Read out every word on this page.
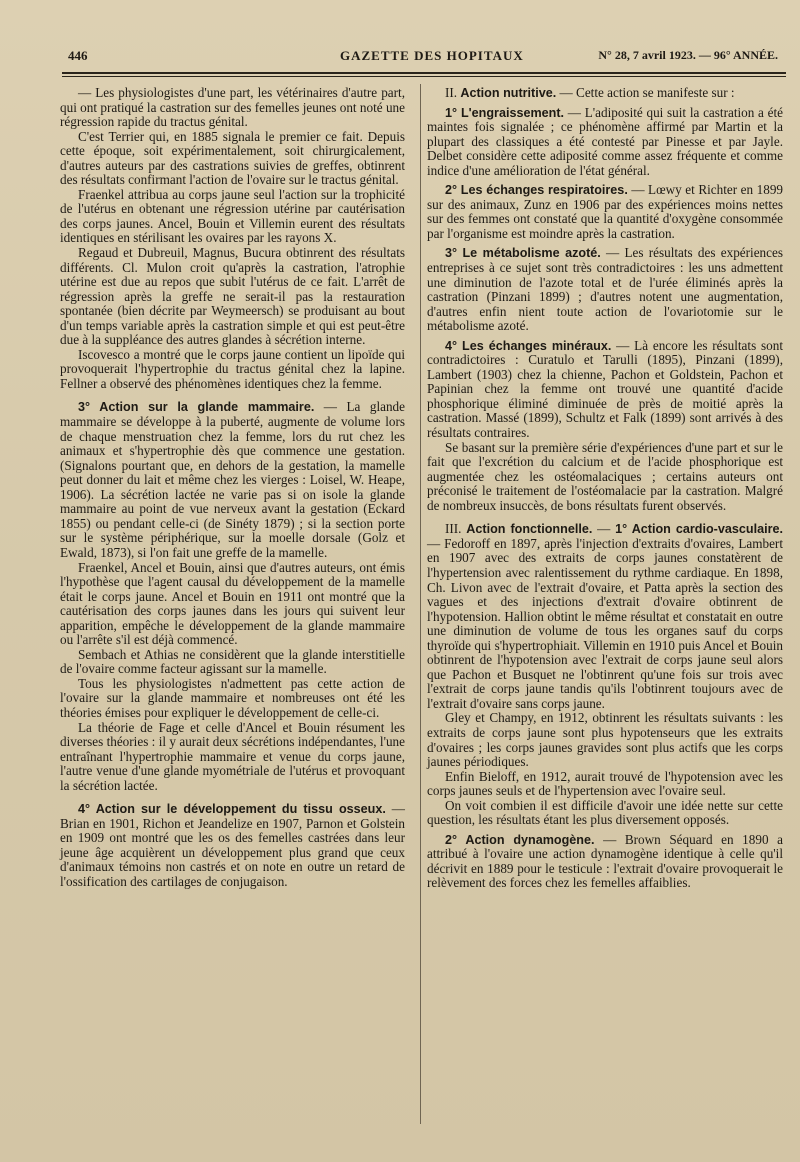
446	GAZETTE DES HOPITAUX	N° 28, 7 avril 1923. — 96° ANNÉE.

— Les physiologistes d'une part, les vétérinaires d'autre part, qui ont pratiqué la castration sur des femelles jeunes ont noté une régression rapide du tractus génital.

C'est Terrier qui, en 1885 signala le premier ce fait. Depuis cette époque, soit expérimentalement, soit chirurgicalement, d'autres auteurs par des castrations suivies de greffes, obtinrent des résultats confirmant l'action de l'ovaire sur le tractus génital.

Fraenkel attribua au corps jaune seul l'action sur la trophicité de l'utérus en obtenant une régression utérine par cautérisation des corps jaunes. Ancel, Bouin et Villemin eurent des résultats identiques en stérilisant les ovaires par les rayons X.

Regaud et Dubreuil, Magnus, Bucura obtinrent des résultats différents. Cl. Mulon croit qu'après la castration, l'atrophie utérine est due au repos que subit l'utérus de ce fait. L'arrêt de régression après la greffe ne serait-il pas la restauration spontanée (bien décrite par Weymeersch) se produisant au bout d'un temps variable après la castration simple et qui est peut-être due à la suppléance des autres glandes à sécrétion interne.

Iscovesco a montré que le corps jaune contient un lipoïde qui provoquerait l'hypertrophie du tractus génital chez la lapine. Fellner a observé des phénomènes identiques chez la femme.

3° Action sur la glande mammaire. — La glande mammaire se développe à la puberté, augmente de volume lors de chaque menstruation chez la femme, lors du rut chez les animaux et s'hypertrophie dès que commence une gestation. (Signalons pourtant que, en dehors de la gestation, la mamelle peut donner du lait et même chez les vierges : Loisel, W. Heape, 1906). La sécrétion lactée ne varie pas si on isole la glande mammaire au point de vue nerveux avant la gestation (Eckard 1855) ou pendant celle-ci (de Sinéty 1879) ; si la section porte sur le système périphérique, sur la moelle dorsale (Golz et Ewald, 1873), si l'on fait une greffe de la mamelle.

Fraenkel, Ancel et Bouin, ainsi que d'autres auteurs, ont émis l'hypothèse que l'agent causal du développement de la mamelle était le corps jaune. Ancel et Bouin en 1911 ont montré que la cautérisation des corps jaunes dans les jours qui suivent leur apparition, empêche le développement de la glande mammaire ou l'arrête s'il est déjà commencé.

Sembach et Athias ne considèrent que la glande interstitielle de l'ovaire comme facteur agissant sur la mamelle.

Tous les physiologistes n'admettent pas cette action de l'ovaire sur la glande mammaire et nombreuses ont été les théories émises pour expliquer le développement de celle-ci.

La théorie de Fage et celle d'Ancel et Bouin résument les diverses théories : il y aurait deux sécrétions indépendantes, l'une entraînant l'hypertrophie mammaire et venue du corps jaune, l'autre venue d'une glande myométriale de l'utérus et provoquant la sécrétion lactée.

4° Action sur le développement du tissu osseux. — Brian en 1901, Richon et Jeandelize en 1907, Parnon et Golstein en 1909 ont montré que les os des femelles castrées dans leur jeune âge acquièrent un développement plus grand que ceux d'animaux témoins non castrés et on note en outre un retard de l'ossification des cartilages de conjugaison.

II. Action nutritive. — Cette action se manifeste sur :

1° L'engraissement. — L'adiposité qui suit la castration a été maintes fois signalée ; ce phénomène affirmé par Martin et la plupart des classiques a été contesté par Pinesse et par Jayle. Delbet considère cette adiposité comme assez fréquente et comme indice d'une amélioration de l'état général.

2° Les échanges respiratoires. — Lœwy et Richter en 1899 sur des animaux, Zunz en 1906 par des expériences moins nettes sur des femmes ont constaté que la quantité d'oxygène consommée par l'organisme est moindre après la castration.

3° Le métabolisme azoté. — Les résultats des expériences entreprises à ce sujet sont très contradictoires : les uns admettent une diminution de l'azote total et de l'urée éliminés après la castration (Pinzani 1899) ; d'autres notent une augmentation, d'autres enfin nient toute action de l'ovariotomie sur le métabolisme azoté.

4° Les échanges minéraux. — Là encore les résultats sont contradictoires : Curatulo et Tarulli (1895), Pinzani (1899), Lambert (1903) chez la chienne, Pachon et Goldstein, Pachon et Papinian chez la femme ont trouvé une quantité d'acide phosphorique éliminé diminuée de près de moitié après la castration. Massé (1899), Schultz et Falk (1899) sont arrivés à des résultats contraires.

Se basant sur la première série d'expériences d'une part et sur le fait que l'excrétion du calcium et de l'acide phosphorique est augmentée chez les ostéomalaciques ; certains auteurs ont préconisé le traitement de l'ostéomalacie par la castration. Malgré de nombreux insuccès, de bons résultats furent observés.

III. Action fonctionnelle. — 1° Action cardio-vasculaire. — Fedoroff en 1897, après l'injection d'extraits d'ovaires, Lambert en 1907 avec des extraits de corps jaunes constatèrent de l'hypertension avec ralentissement du rythme cardiaque. En 1898, Ch. Livon avec de l'extrait d'ovaire, et Patta après la section des vagues et des injections d'extrait d'ovaire obtinrent de l'hypotension. Hallion obtint le même résultat et constatait en outre une diminution de volume de tous les organes sauf du corps thyroïde qui s'hypertrophiait. Villemin en 1910 puis Ancel et Bouin obtinrent de l'hypotension avec l'extrait de corps jaune seul alors que Pachon et Busquet ne l'obtinrent qu'une fois sur trois avec l'extrait de corps jaune tandis qu'ils l'obtinrent toujours avec de l'extrait d'ovaire sans corps jaune.

Gley et Champy, en 1912, obtinrent les résultats suivants : les extraits de corps jaune sont plus hypotenseurs que les extraits d'ovaires ; les corps jaunes gravides sont plus actifs que les corps jaunes périodiques.

Enfin Bieloff, en 1912, aurait trouvé de l'hypotension avec les corps jaunes seuls et de l'hypertension avec l'ovaire seul.

On voit combien il est difficile d'avoir une idée nette sur cette question, les résultats étant les plus diversement opposés.

2° Action dynamogène. — Brown Séquard en 1890 a attribué à l'ovaire une action dynamogène identique à celle qu'il décrivit en 1889 pour le testicule : l'extrait d'ovaire provoquerait le relèvement des forces chez les femelles affaiblies.
